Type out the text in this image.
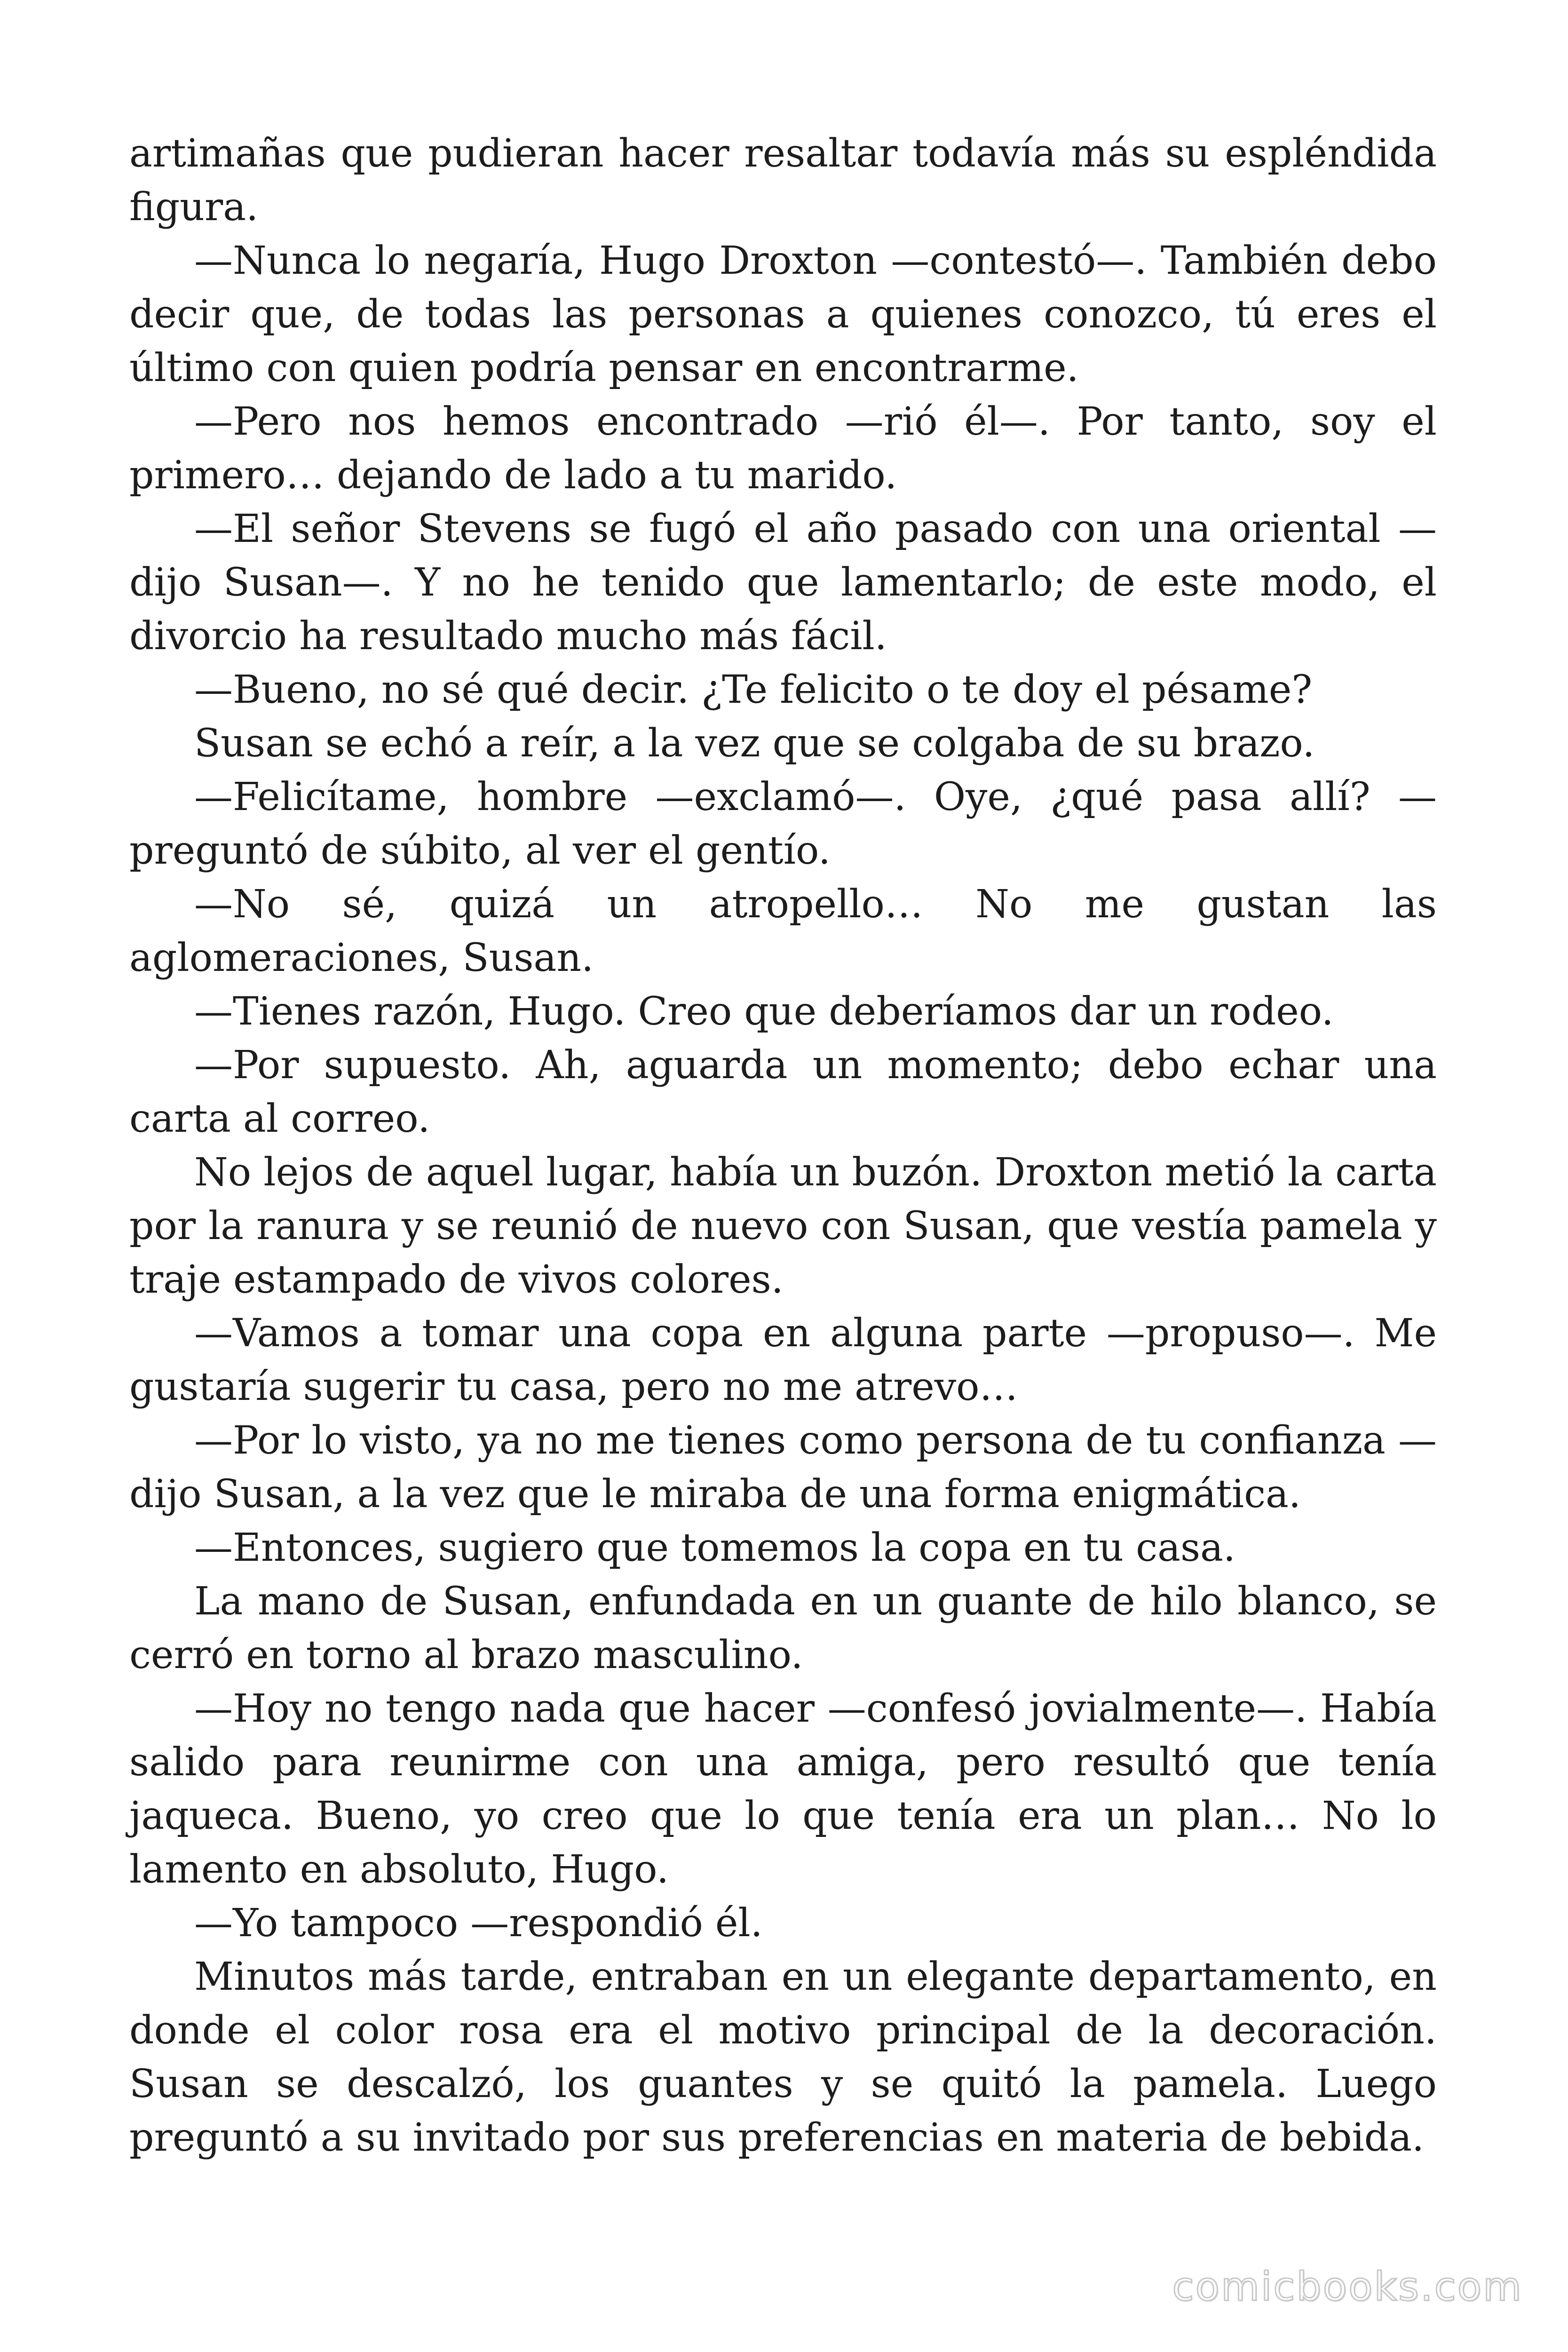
artimañas que pudieran hacer resaltar todavía más su espléndida figura.

—Nunca lo negaría, Hugo Droxton —contestó—. También debo decir que, de todas las personas a quienes conozco, tú eres el último con quien podría pensar en encontrarme.

—Pero nos hemos encontrado —rió él—. Por tanto, soy el primero… dejando de lado a tu marido.

—El señor Stevens se fugó el año pasado con una oriental —dijo Susan—. Y no he tenido que lamentarlo; de este modo, el divorcio ha resultado mucho más fácil.

—Bueno, no sé qué decir. ¿Te felicito o te doy el pésame?

Susan se echó a reír, a la vez que se colgaba de su brazo.

—Felicítame, hombre —exclamó—. Oye, ¿qué pasa allí? —preguntó de súbito, al ver el gentío.

—No sé, quizá un atropello… No me gustan las aglomeraciones, Susan.

—Tienes razón, Hugo. Creo que deberíamos dar un rodeo.

—Por supuesto. Ah, aguarda un momento; debo echar una carta al correo.

No lejos de aquel lugar, había un buzón. Droxton metió la carta por la ranura y se reunió de nuevo con Susan, que vestía pamela y traje estampado de vivos colores.

—Vamos a tomar una copa en alguna parte —propuso—. Me gustaría sugerir tu casa, pero no me atrevo…

—Por lo visto, ya no me tienes como persona de tu confianza —dijo Susan, a la vez que le miraba de una forma enigmática.

—Entonces, sugiero que tomemos la copa en tu casa.

La mano de Susan, enfundada en un guante de hilo blanco, se cerró en torno al brazo masculino.

—Hoy no tengo nada que hacer —confesó jovialmente—. Había salido para reunirme con una amiga, pero resultó que tenía jaqueca. Bueno, yo creo que lo que tenía era un plan… No lo lamento en absoluto, Hugo.

—Yo tampoco —respondió él.

Minutos más tarde, entraban en un elegante departamento, en donde el color rosa era el motivo principal de la decoración. Susan se descalzó, los guantes y se quitó la pamela. Luego preguntó a su invitado por sus preferencias en materia de bebida.

comicbooks.com
